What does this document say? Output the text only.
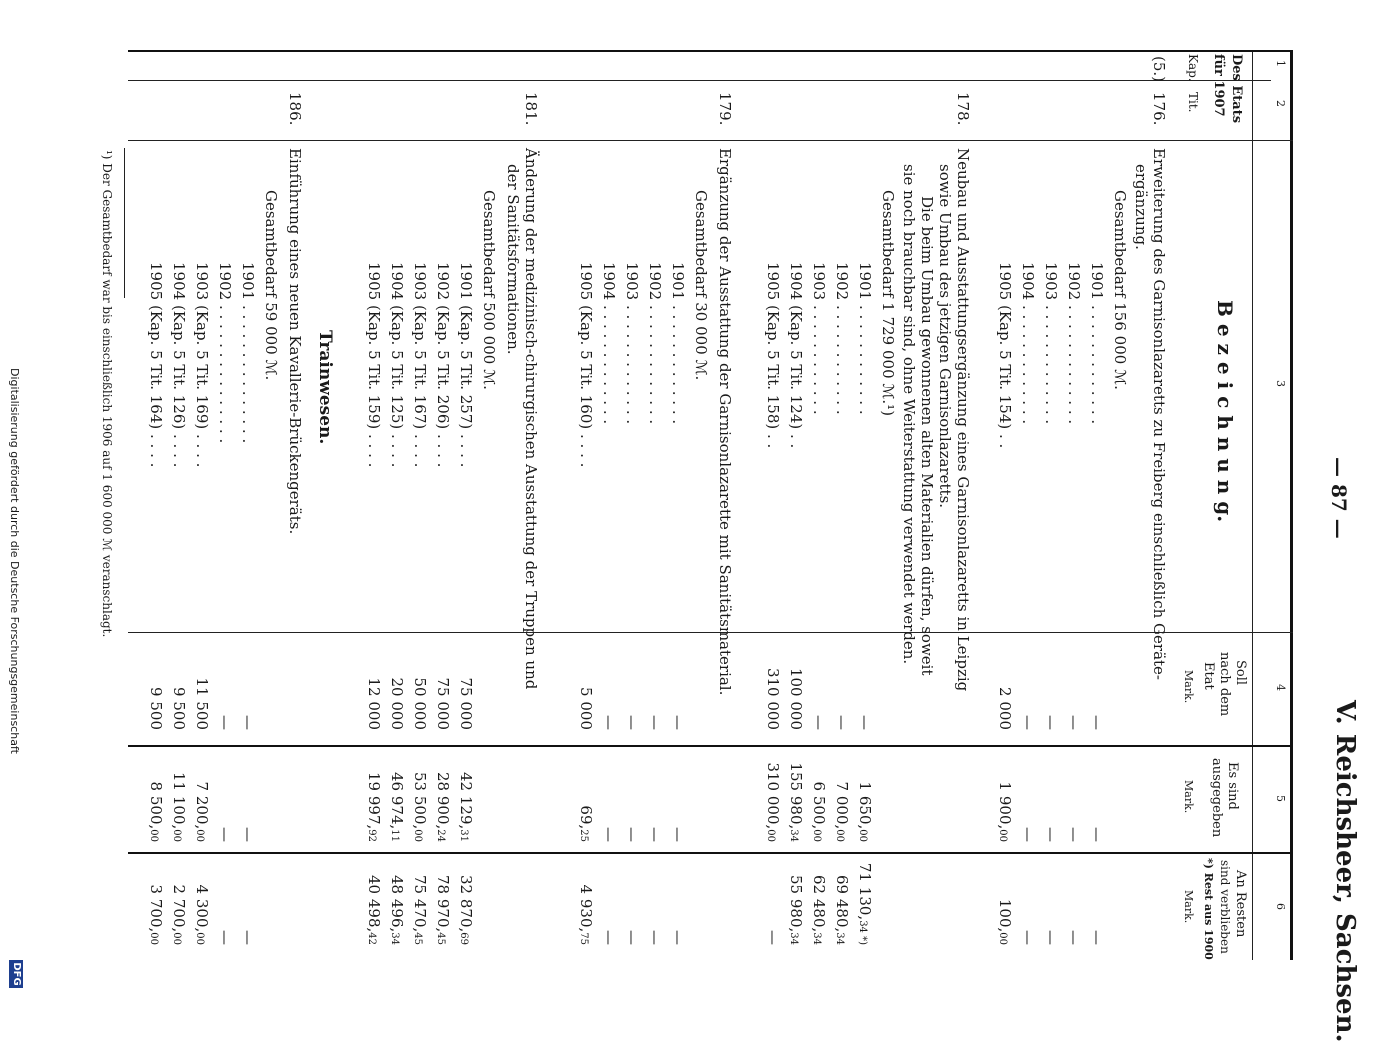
— 87 —
V. Reichsheer, Sachsen.
1
2
3
4
5
6
Des Etats
für 1907
Kap.
Tit.
B e z e i c h n u n g.
Soll
nach dem
Etat
Es sind
ausgegeben
An Resten
sind verblieben
*) Rest aus 1900
Mark.
Mark.
Mark.
(5.)
176.
Erweiterung des Garnisonlazaretts zu Freiberg einschließlich Geräte-
ergänzung.
Gesamtbedarf 156 000 ℳ.
1901 . . . . . . . . . . . . .
—
—
—
1902 . . . . . . . . . . . . .
—
—
—
1903 . . . . . . . . . . . . .
—
—
—
1904 . . . . . . . . . . . . .
—
—
—
1905 (Kap. 5 Tit. 154) . .
2 000
1 900,00
100,00
178.
Neubau und Ausstattungsergänzung eines Garnisonlazaretts in Leipzig
sowie Umbau des jetzigen Garnisonlazaretts.
Die beim Umbau gewonnenen alten Materialien dürfen, soweit
sie noch brauchbar sind, ohne Weiterstattung verwendet werden.
Gesamtbedarf 1 729 000 ℳ.¹)
1901 . . . . . . . . . . . .
—
1 650,00
71 130,34 *)
1902 . . . . . . . . . . . .
—
7 000,00
69 480,34
1903 . . . . . . . . . . . .
—
6 500,00
62 480,34
1904 (Kap. 5 Tit. 124) . .
100 000
155 980,34
55 980,34
1905 (Kap. 5 Tit. 158) . .
310 000
310 000,00
—
179.
Ergänzung der Ausstattung der Garnisonlazarette mit Sanitätsmaterial.
Gesamtbedarf 30 000 ℳ.
1901 . . . . . . . . . . . . .
—
—
—
1902 . . . . . . . . . . . . .
—
—
—
1903 . . . . . . . . . . . . .
—
—
—
1904 . . . . . . . . . . . . .
—
—
—
1905 (Kap. 5 Tit. 160) . . . .
5 000
69,25
4 930,75
181.
Änderung der medizinisch-chirurgischen Ausstattung der Truppen und
der Sanitätsformationen.
Gesamtbedarf 500 000 ℳ.
1901 (Kap. 5 Tit. 257) . . . .
75 000
42 129,31
32 870,69
1902 (Kap. 5 Tit. 206) . . . .
75 000
28 900,24
78 970,45
1903 (Kap. 5 Tit. 167) . . . .
50 000
53 500,00
75 470,45
1904 (Kap. 5 Tit. 125) . . . .
20 000
46 974,11
48 496,34
1905 (Kap. 5 Tit. 159) . . . .
12 000
19 997,92
40 498,42
Trainwesen.
186.
Einführung eines neuen Kavallerie-Brückengeräts.
Gesamtbedarf 59 000 ℳ.
1901 . . . . . . . . . . . . . . .
—
—
—
1902 . . . . . . . . . . . . . . .
—
—
—
1903 (Kap. 5 Tit. 169) . . . .
11 500
7 200,00
4 300,00
1904 (Kap. 5 Tit. 126) . . . .
9 500
11 100,00
2 700,00
1905 (Kap. 5 Tit. 164) . . . .
9 500
8 500,00
3 700,00
¹) Der Gesamtbedarf war bis einschließlich 1906 auf 1 600 000 ℳ veranschlagt.
Digitalisierung gefördert durch die Deutsche Forschungsgemeinschaft
DFG
